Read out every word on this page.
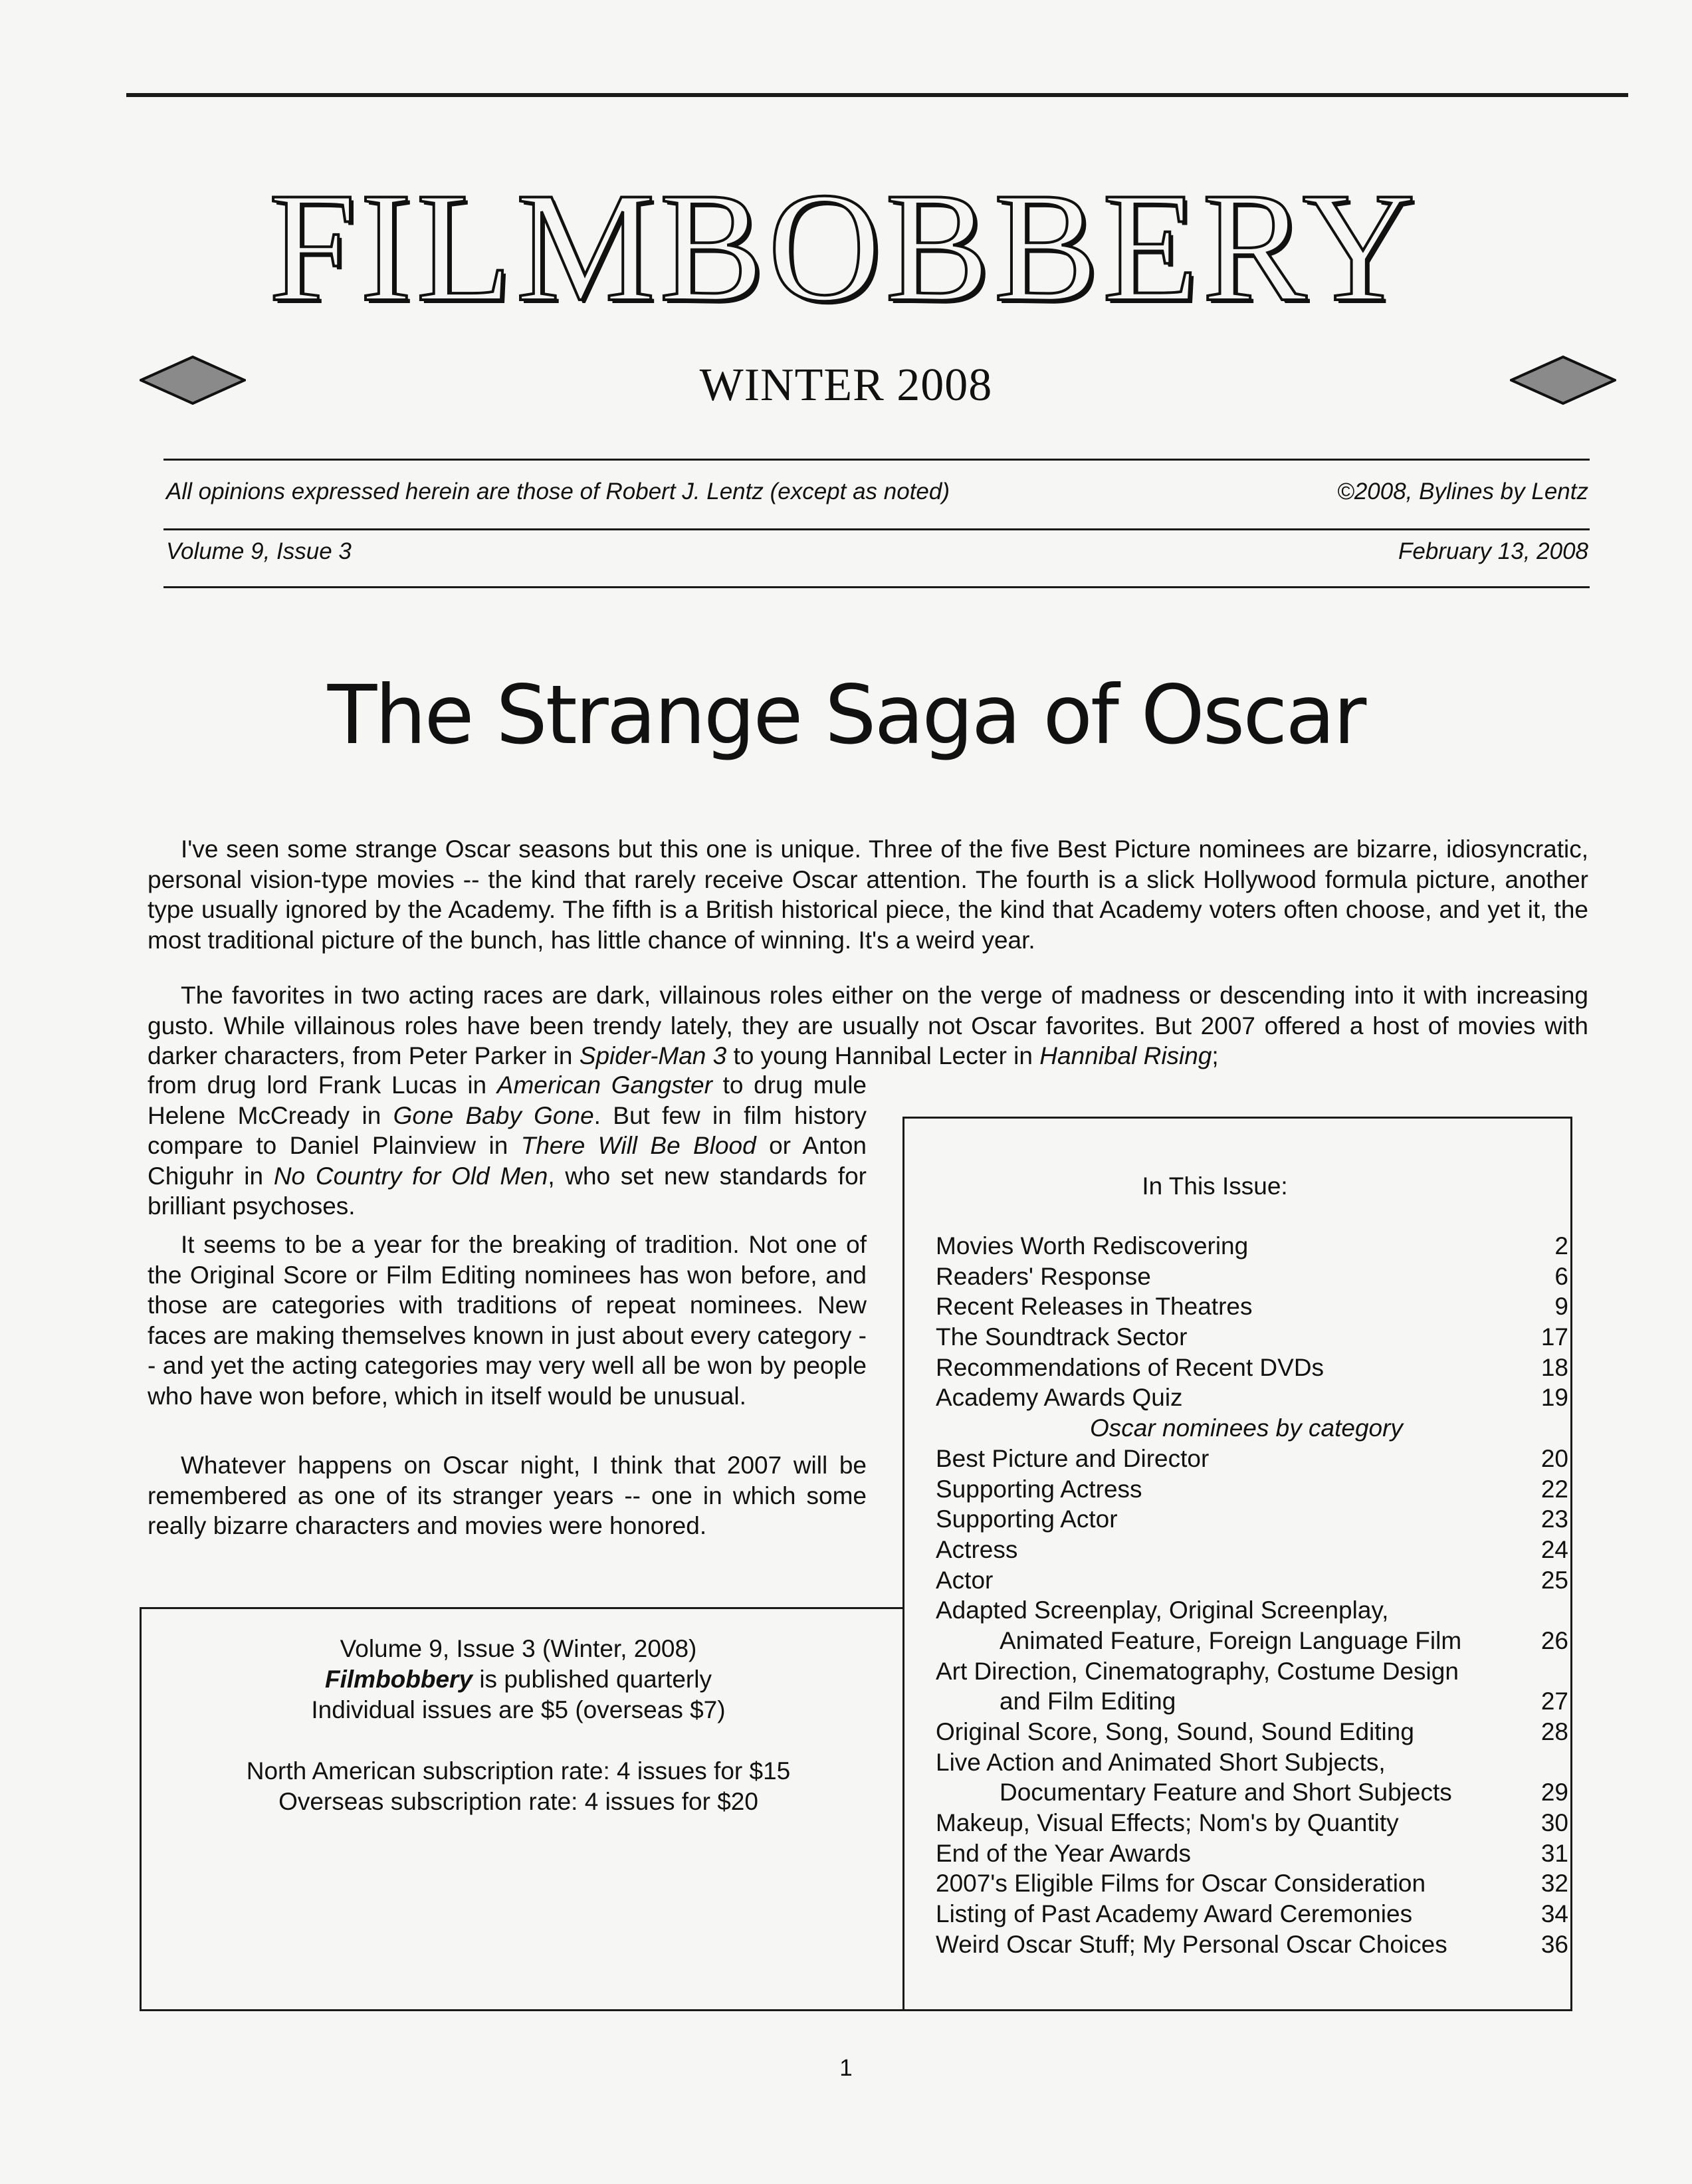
FILMBOBBERY
WINTER 2008
All opinions expressed herein are those of Robert J. Lentz (except as noted)	©2008, Bylines by Lentz
Volume 9, Issue 3	February 13, 2008
The Strange Saga of Oscar

I've seen some strange Oscar seasons but this one is unique. Three of the five Best Picture nominees are bizarre, idiosyncratic, personal vision-type movies -- the kind that rarely receive Oscar attention. The fourth is a slick Hollywood formula picture, another type usually ignored by the Academy. The fifth is a British historical piece, the kind that Academy voters often choose, and yet it, the most traditional picture of the bunch, has little chance of winning. It's a weird year.

The favorites in two acting races are dark, villainous roles either on the verge of madness or descending into it with increasing gusto. While villainous roles have been trendy lately, they are usually not Oscar favorites. But 2007 offered a host of movies with darker characters, from Peter Parker in Spider-Man 3 to young Hannibal Lecter in Hannibal Rising;

from drug lord Frank Lucas in American Gangster to drug mule Helene McCready in Gone Baby Gone. But few in film history compare to Daniel Plainview in There Will Be Blood or Anton Chiguhr in No Country for Old Men, who set new standards for brilliant psychoses.

It seems to be a year for the breaking of tradition. Not one of the Original Score or Film Editing nominees has won before, and those are categories with traditions of repeat nominees. New faces are making themselves known in just about every category -- and yet the acting categories may very well all be won by people who have won before, which in itself would be unusual.

Whatever happens on Oscar night, I think that 2007 will be remembered as one of its stranger years -- one in which some really bizarre characters and movies were honored.

Volume 9, Issue 3 (Winter, 2008)
Filmbobbery is published quarterly
Individual issues are $5 (overseas $7)
North American subscription rate: 4 issues for $15
Overseas subscription rate: 4 issues for $20
In This Issue:
Movies Worth Rediscovering	2
Readers' Response	6
Recent Releases in Theatres	9
The Soundtrack Sector	17
Recommendations of Recent DVDs	18
Academy Awards Quiz	19
Oscar nominees by category
Best Picture and Director	20
Supporting Actress	22
Supporting Actor	23
Actress	24
Actor	25
Adapted Screenplay, Original Screenplay,
Animated Feature, Foreign Language Film	26
Art Direction, Cinematography, Costume Design
and Film Editing	27
Original Score, Song, Sound, Sound Editing	28
Live Action and Animated Short Subjects,
Documentary Feature and Short Subjects	29
Makeup, Visual Effects; Nom's by Quantity	30
End of the Year Awards	31
2007's Eligible Films for Oscar Consideration	32
Listing of Past Academy Award Ceremonies	34
Weird Oscar Stuff; My Personal Oscar Choices	36
1
